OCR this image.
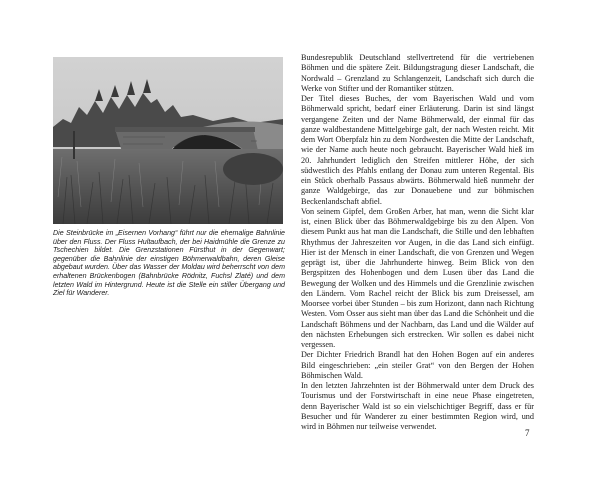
Die Steinbrücke im „Eisernen Vorhang“ führt nur die ehemalige Bahnlinie über den Fluss. Der Fluss Hultaufbach, der bei Haidmühle die Grenze zu Tschechien bildet. Die Grenzstationen Fürsthut in der Gegenwart; gegenüber die Bahnlinie der einstigen Böhmerwaldbahn, deren Gleise abgebaut wurden. Über das Wasser der Moldau wird beherrscht von dem erhaltenen Brückenbogen (Bahnbrücke Rödnitz, Fuchsl Zlaté) und dem letzten Wald im Hintergrund. Heute ist die Stelle ein stiller Übergang und Ziel für Wanderer.

Bundesrepublik Deutschland stellvertretend für die vertriebenen Böhmen und die spätere Zeit. Bildungstragung dieser Landschaft, die Nordwald – Grenzland zu Schlangenzeit, Landschaft sich durch die Werke von Stifter und der Romantiker stützen.

Der Titel dieses Buches, der vom Bayerischen Wald und vom Böhmerwald spricht, bedarf einer Erläuterung. Darin ist sind längst vergangene Zeiten und der Name Böhmerwald, der einmal für das ganze waldbestandene Mittelgebirge galt, der nach Westen reicht. Mit dem Wort Oberpfalz hin zu dem Nordwesten die Mitte der Landschaft, wie der Name auch heute noch gebraucht. Bayerischer Wald hieß im 20. Jahrhundert lediglich den Streifen mittlerer Höhe, der sich südwestlich des Pfahls entlang der Donau zum unteren Regental. Bis ein Stück oberhalb Passaus abwärts. Böhmerwald hieß nunmehr der ganze Waldgebirge, das zur Donauebene und zur böhmischen Beckenlandschaft abfiel.

Von seinem Gipfel, dem Großen Arber, hat man, wenn die Sicht klar ist, einen Blick über das Böhmerwaldgebirge bis zu den Alpen. Von diesem Punkt aus hat man die Landschaft, die Stille und den lebhaften Rhythmus der Jahreszeiten vor Augen, in die das Land sich einfügt. Hier ist der Mensch in einer Landschaft, die von Grenzen und Wegen geprägt ist, über die Jahrhunderte hinweg. Beim Blick von den Bergspitzen des Hohenbogen und dem Lusen über das Land die Bewegung der Wolken und des Himmels und die Grenzlinie zwischen den Ländern. Vom Rachel reicht der Blick bis zum Dreisessel, am Moorsee vorbei über Stunden – bis zum Horizont, dann nach Richtung Westen. Vom Osser aus sieht man über das Land die Schönheit und die Landschaft Böhmens und der Nachbarn, das Land und die Wälder auf den nächsten Erhebungen sich erstrecken. Wir sollen es dabei nicht vergessen.

Der Dichter Friedrich Brandl hat den Hohen Bogen auf ein anderes Bild eingeschrieben: „ein steiler Grat“ von den Bergen der Hohen Böhmischen Wald.

In den letzten Jahrzehnten ist der Böhmerwald unter dem Druck des Tourismus und der Forstwirtschaft in eine neue Phase eingetreten, denn Bayerischer Wald ist so ein vielschichtiger Begriff, dass er für Besucher und für Wanderer zu einer bestimmten Region wird, und wird in Böhmen nur teilweise verwendet.

7
